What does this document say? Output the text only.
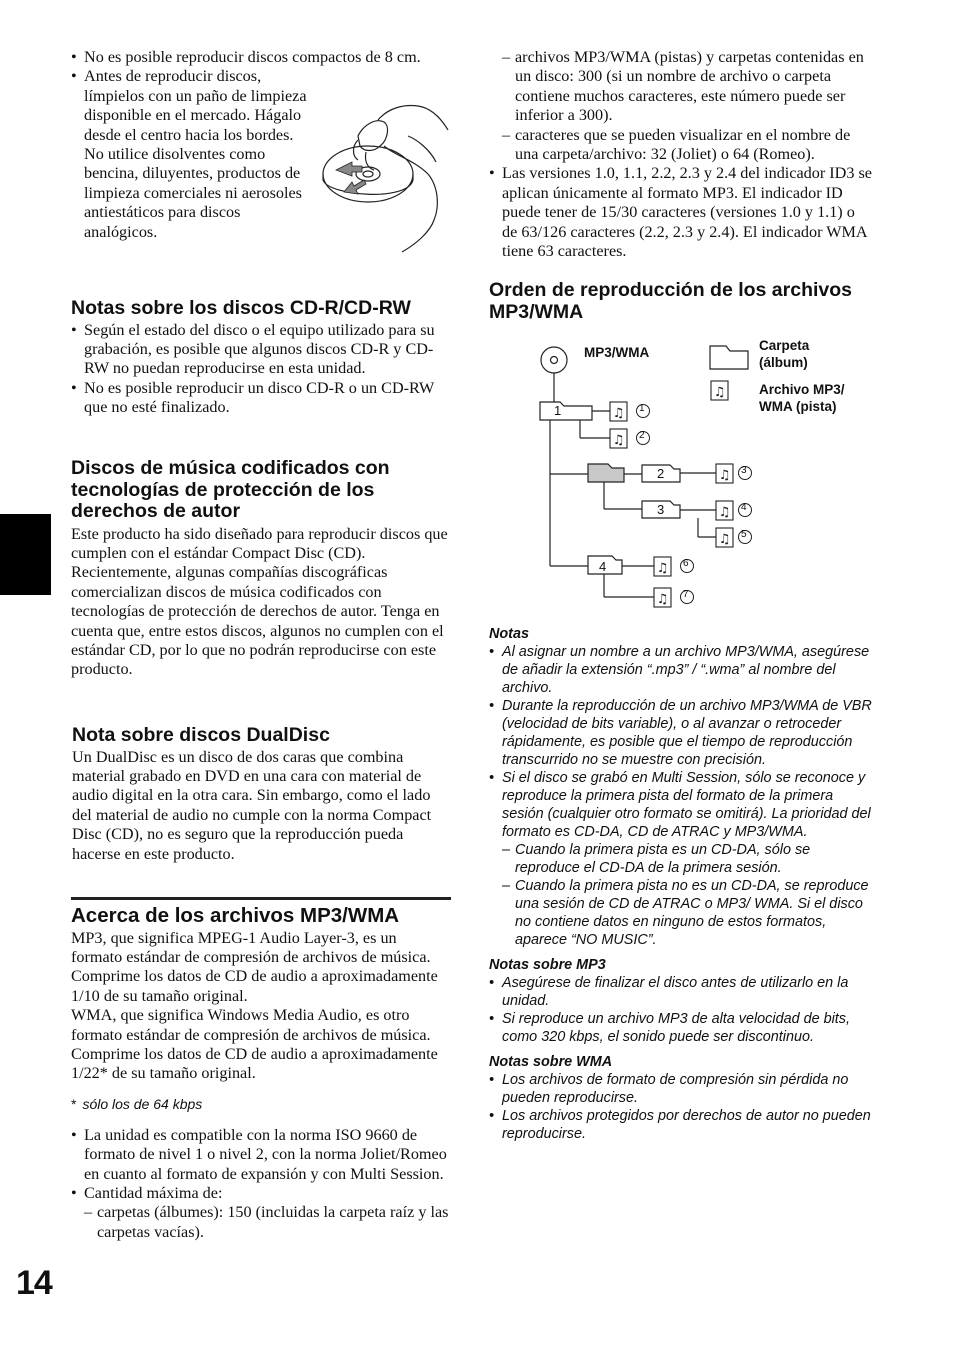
• No es posible reproducir discos compactos de 8 cm.
• Antes de reproducir discos, límpielos con un paño de limpieza disponible en el mercado. Hágalo desde el centro hacia los bordes. No utilice disolventes como bencina, diluyentes, productos de limpieza comerciales ni aerosoles antiestáticos para discos analógicos.
Notas sobre los discos CD-R/CD-RW
• Según el estado del disco o el equipo utilizado para su grabación, es posible que algunos discos CD-R y CD-RW no puedan reproducirse en esta unidad.
• No es posible reproducir un disco CD-R o un CD-RW que no esté finalizado.
Discos de música codificados con tecnologías de protección de los derechos de autor

Este producto ha sido diseñado para reproducir discos que cumplen con el estándar Compact Disc (CD).

Recientemente, algunas compañías discográficas comercializan discos de música codificados con tecnologías de protección de derechos de autor. Tenga en cuenta que, entre estos discos, algunos no cumplen con el estándar CD, por lo que no podrán reproducirse con este producto.

Nota sobre discos DualDisc

Un DualDisc es un disco de dos caras que combina material grabado en DVD en una cara con material de audio digital en la otra cara. Sin embargo, como el lado del material de audio no cumple con la norma Compact Disc (CD), no es seguro que la reproducción pueda hacerse en este producto.

Acerca de los archivos MP3/WMA

MP3, que significa MPEG-1 Audio Layer-3, es un formato estándar de compresión de archivos de música. Comprime los datos de CD de audio a aproximadamente 1/10 de su tamaño original.

WMA, que significa Windows Media Audio, es otro formato estándar de compresión de archivos de música. Comprime los datos de CD de audio a aproximadamente 1/22* de su tamaño original.

* sólo los de 64 kbps
• La unidad es compatible con la norma ISO 9660 de formato de nivel 1 o nivel 2, con la norma Joliet/Romeo en cuanto al formato de expansión y con Multi Session.
• Cantidad máxima de:
– carpetas (álbumes): 150 (incluidas la carpeta raíz y las carpetas vacías).
14
– archivos MP3/WMA (pistas) y carpetas contenidas en un disco: 300 (si un nombre de archivo o carpeta contiene muchos caracteres, este número puede ser inferior a 300).
– caracteres que se pueden visualizar en el nombre de una carpeta/archivo: 32 (Joliet) o 64 (Romeo).
• Las versiones 1.0, 1.1, 2.2, 2.3 y 2.4 del indicador ID3 se aplican únicamente al formato MP3. El indicador ID puede tener de 15/30 caracteres (versiones 1.0 y 1.1) o de 63/126 caracteres (2.2, 2.3 y 2.4). El indicador WMA tiene 63 caracteres.
Orden de reproducción de los archivos MP3/WMA
♫
♫
♫
♫
♫
♫
♫
♫
MP3/WMA	Carpeta (álbum)
Archivo MP3/ WMA (pista)
1
2
3
4
1
2
3
4
5
6
7
Notas
• Al asignar un nombre a un archivo MP3/WMA, asegúrese de añadir la extensión “.mp3” / “.wma” al nombre del archivo.
• Durante la reproducción de un archivo MP3/WMA de VBR (velocidad de bits variable), o al avanzar o retroceder rápidamente, es posible que el tiempo de reproducción transcurrido no se muestre con precisión.
• Si el disco se grabó en Multi Session, sólo se reconoce y reproduce la primera pista del formato de la primera sesión (cualquier otro formato se omitirá). La prioridad del formato es CD-DA, CD de ATRAC y MP3/WMA.
– Cuando la primera pista es un CD-DA, sólo se reproduce el CD-DA de la primera sesión.
– Cuando la primera pista no es un CD-DA, se reproduce una sesión de CD de ATRAC o MP3/ WMA. Si el disco no contiene datos en ninguno de estos formatos, aparece “NO MUSIC”.
Notas sobre MP3
• Asegúrese de finalizar el disco antes de utilizarlo en la unidad.
• Si reproduce un archivo MP3 de alta velocidad de bits, como 320 kbps, el sonido puede ser discontinuo.
Notas sobre WMA
• Los archivos de formato de compresión sin pérdida no pueden reproducirse.
• Los archivos protegidos por derechos de autor no pueden reproducirse.
